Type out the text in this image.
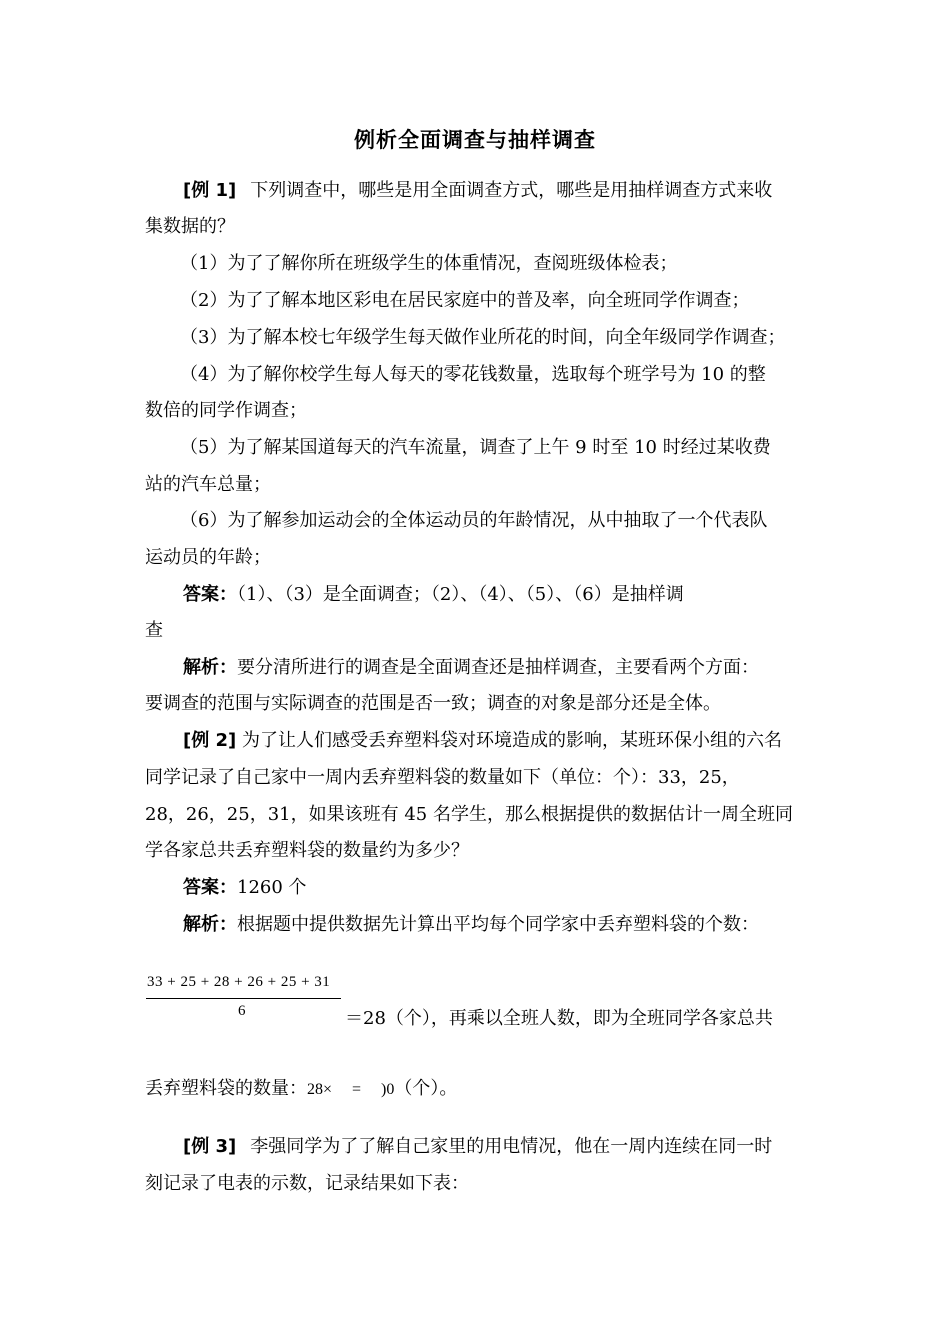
例析全面调查与抽样调查
[例 1] 下列调查中，哪些是用全面调查方式，哪些是用抽样调查方式来收
集数据的？
（1）为了了解你所在班级学生的体重情况，查阅班级体检表；
（2）为了了解本地区彩电在居民家庭中的普及率，向全班同学作调查；
（3）为了解本校七年级学生每天做作业所花的时间，向全年级同学作调查；
（4）为了解你校学生每人每天的零花钱数量，选取每个班学号为 10 的整
数倍的同学作调查；
（5）为了解某国道每天的汽车流量，调查了上午 9 时至 10 时经过某收费
站的汽车总量；
（6）为了解参加运动会的全体运动员的年龄情况，从中抽取了一个代表队
运动员的年龄；
答案：（1）、（3）是全面调查；（2）、（4）、（5）、（6）是抽样调
查
解析：要分清所进行的调查是全面调查还是抽样调查，主要看两个方面：
要调查的范围与实际调查的范围是否一致；调查的对象是部分还是全体。
[例 2] 为了让人们感受丢弃塑料袋对环境造成的影响，某班环保小组的六名
同学记录了自己家中一周内丢弃塑料袋的数量如下（单位：个）：33，25，
28，26，25，31，如果该班有 45 名学生，那么根据提供的数据估计一周全班同
学各家总共丢弃塑料袋的数量约为多少？
答案：1260 个
解析：根据题中提供数据先计算出平均每个同学家中丢弃塑料袋的个数：
33 + 25 + 28 + 26 + 25 + 31
6	＝28（个），再乘以全班人数，即为全班同学各家总共
丢弃塑料袋的数量：28×     =     )0（个）。
[例 3] 李强同学为了了解自己家里的用电情况，他在一周内连续在同一时
刻记录了电表的示数，记录结果如下表：
